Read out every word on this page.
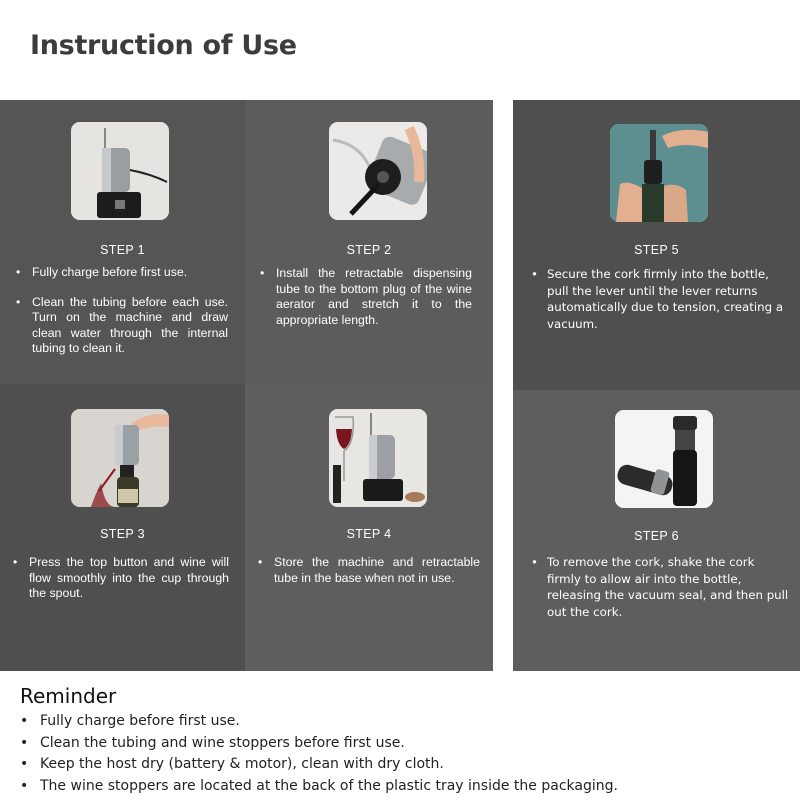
Instruction of Use
STEP 1
• Fully charge before first use.
• Clean the tubing before each use. Turn on the machine and draw clean water through the internal tubing to clean it.
STEP 2
• Install the retractable dispensing tube to the bottom plug of the wine aerator and stretch it to the appropriate length.
STEP 3
• Press the top button and wine will flow smoothly into the cup through the spout.
STEP 4
• Store the machine and retractable tube in the base when not in use.
STEP 5
• Secure the cork firmly into the bottle, pull the lever until the lever returns automatically due to tension, creating a vacuum.
STEP 6
• To remove the cork, shake the cork firmly to allow air into the bottle, releasing the vacuum seal, and then pull out the cork.
Reminder
• Fully charge before first use.
• Clean the tubing and wine stoppers before first use.
• Keep the host dry (battery & motor), clean with dry cloth.
• The wine stoppers are located at the back of the plastic tray inside the packaging.
